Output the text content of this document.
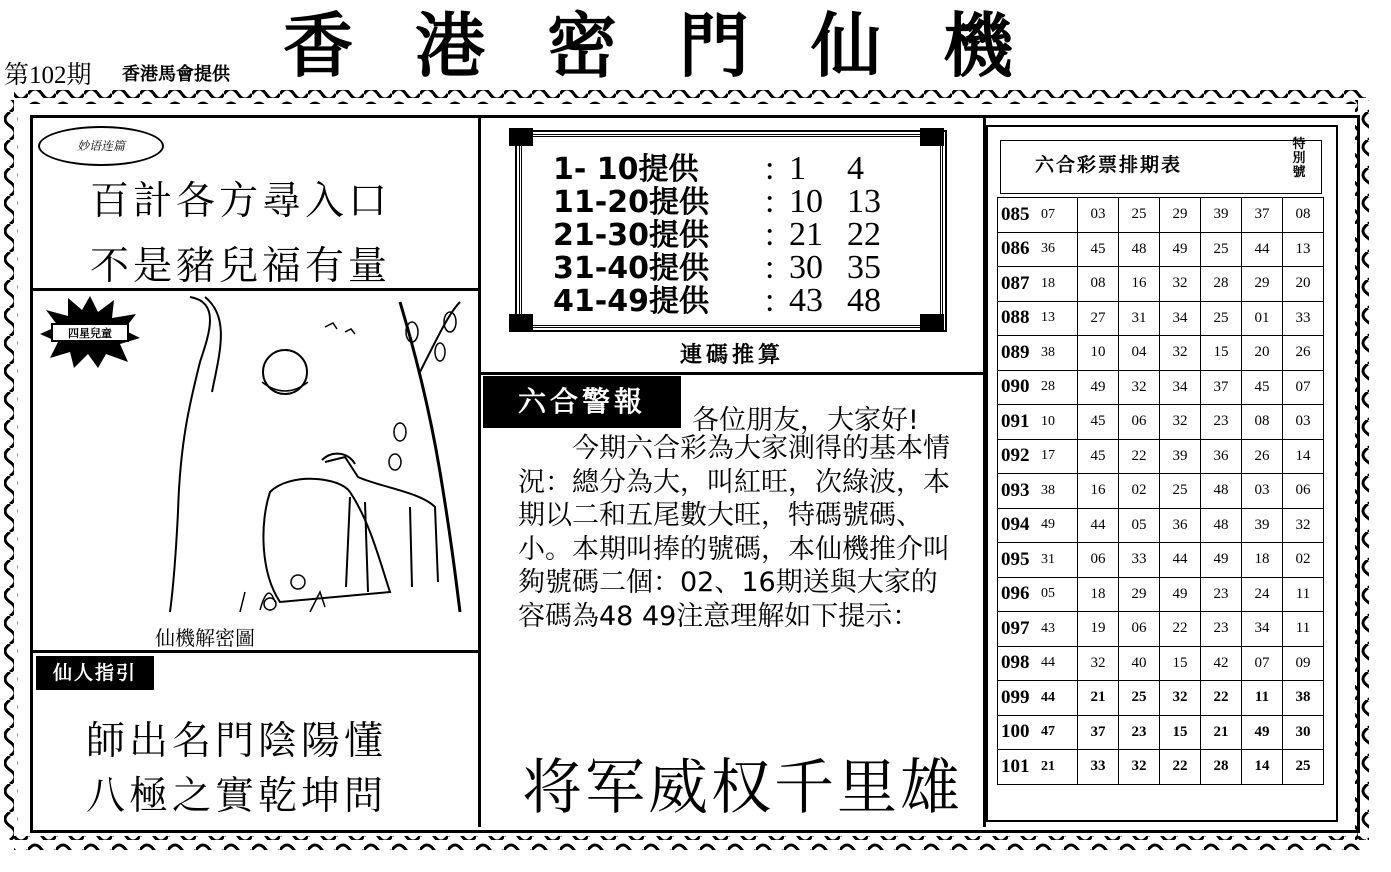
第102期 香港馬會提供 香港密門仙機
妙语连篇
百計各方尋入口
不是豬兒福有量
四星兒童
仙機解密圖
仙人指引
師出名門陰陽懂
八極之實乾坤問
1- 10提供 : 1 4
11-20提供 : 10 13
21-30提供 : 21 22
31-40提供 : 30 35
41-49提供 : 43 48
連碼推算
六合警報
各位朋友，大家好!
今期六合彩為大家測得的基本情況：總分為大，叫紅旺，次綠波，本期以二和五尾數大旺，特碼號碼、小。本期叫捧的號碼，本仙機推介叫夠號碼二個：02、16期送與大家的容碼為48 49注意理解如下提示：
将军威权千里雄
六合彩票排期表
特別號
085	07	03	25	29	39	37	08
086	36	45	48	49	25	44	13
087	18	08	16	32	28	29	20
088	13	27	31	34	25	01	33
089	38	10	04	32	15	20	26
090	28	49	32	34	37	45	07
091	10	45	06	32	23	08	03
092	17	45	22	39	36	26	14
093	38	16	02	25	48	03	06
094	49	44	05	36	48	39	32
095	31	06	33	44	49	18	02
096	05	18	29	49	23	24	11
097	43	19	06	22	23	34	11
098	44	32	40	15	42	07	09
099	44	21	25	32	22	11	38
100	47	37	23	15	21	49	30
101	21	33	32	22	28	14	25
